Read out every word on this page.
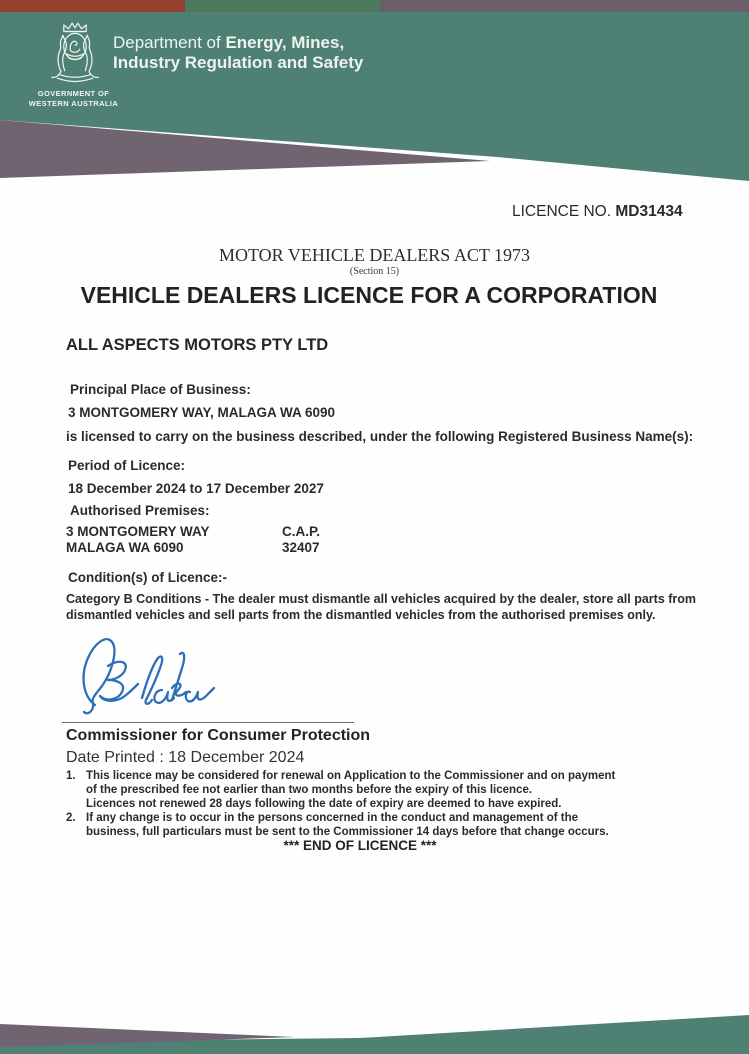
GOVERNMENT OF
WESTERN AUSTRALIA
Department of Energy, Mines,
Industry Regulation and Safety
LICENCE NO. MD31434
MOTOR VEHICLE DEALERS ACT 1973
(Section 15)
VEHICLE DEALERS LICENCE FOR A CORPORATION
ALL ASPECTS MOTORS PTY LTD
Principal Place of Business:
3 MONTGOMERY WAY, MALAGA WA 6090
is licensed to carry on the business described, under the following Registered Business Name(s):
Period of Licence:
18 December 2024 to 17 December 2027
Authorised Premises:
3 MONTGOMERY WAY
MALAGA WA 6090
C.A.P.
32407
Condition(s) of Licence:-
Category B Conditions - The dealer must dismantle all vehicles acquired by the dealer, store all parts from
dismantled vehicles and sell parts from the dismantled vehicles from the authorised premises only.
Commissioner for Consumer Protection
Date Printed : 18 December 2024
1. This licence may be considered for renewal on Application to the Commissioner and on payment
of the prescribed fee not earlier than two months before the expiry of this licence.
Licences not renewed 28 days following the date of expiry are deemed to have expired.
2. If any change is to occur in the persons concerned in the conduct and management of the
business, full particulars must be sent to the Commissioner 14 days before that change occurs.
*** END OF LICENCE ***
